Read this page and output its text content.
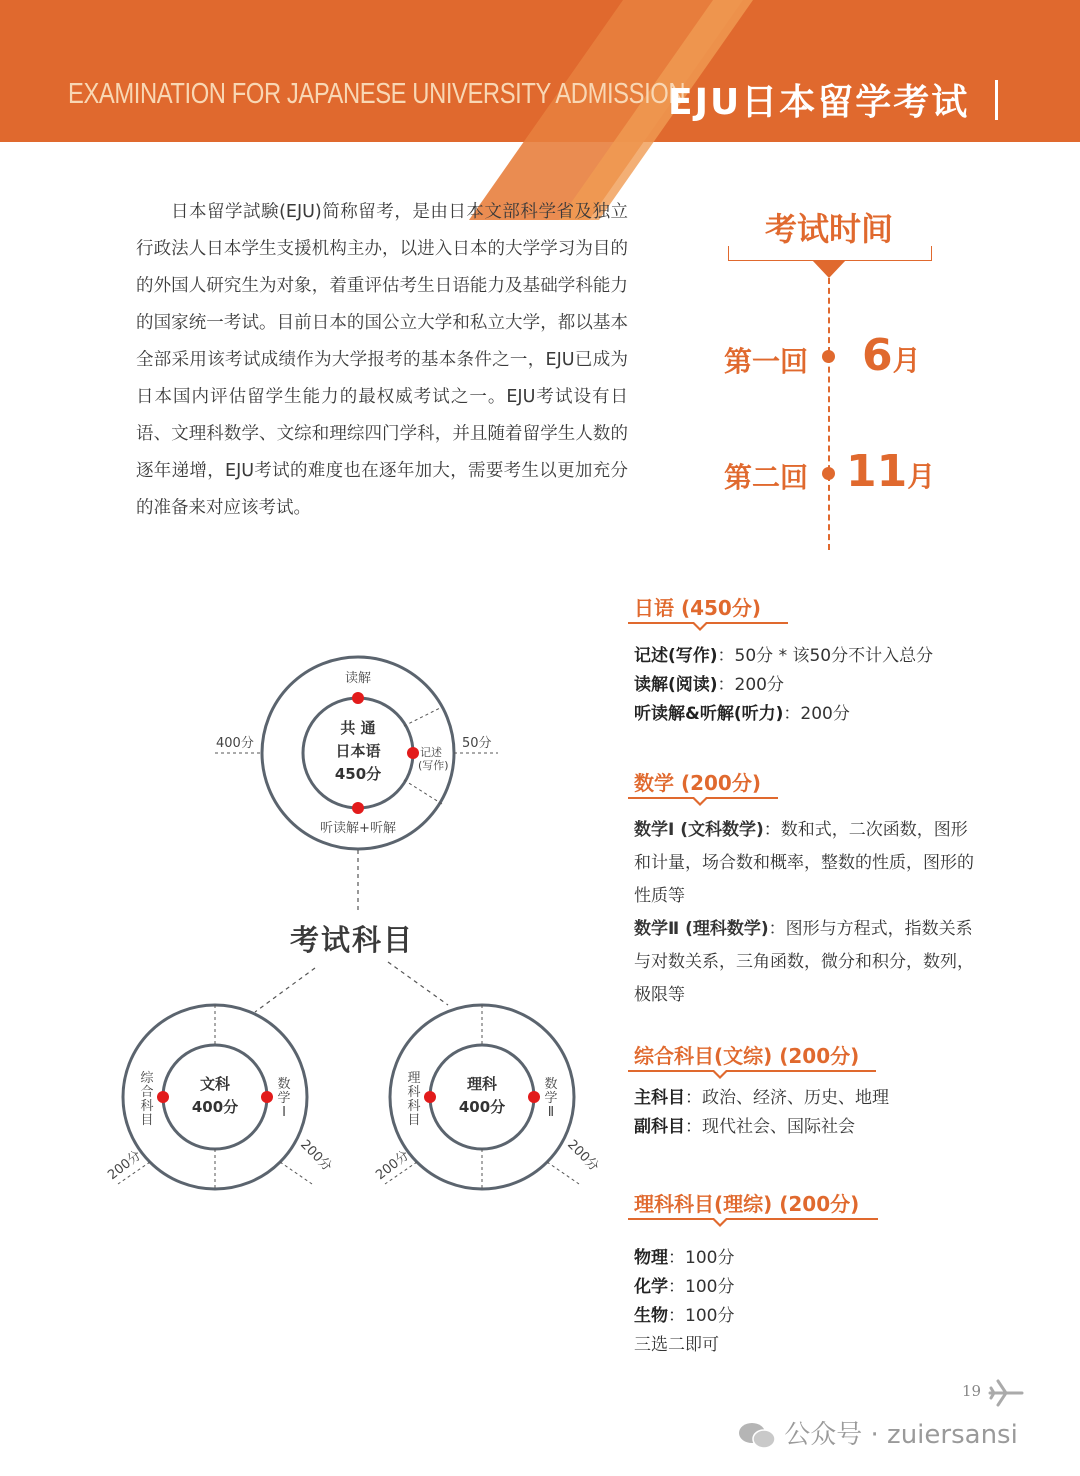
EXAMINATION FOR JAPANESE UNIVERSITY ADMISSION
EJU日本留学考试
日本留学試験(EJU)简称留考，是由日本文部科学省及独立行政法人日本学生支援机构主办，以进入日本的大学学习为目的的外国人研究生为对象，着重评估考生日语能力及基础学科能力的国家统一考试。目前日本的国公立大学和私立大学，都以基本全部采用该考试成绩作为大学报考的基本条件之一，EJU已成为日本国内评估留学生能力的最权威考试之一。EJU考试设有日语、文理科数学、文综和理综四门学科，并且随着留学生人数的逐年递增，EJU考试的难度也在逐年加大，需要考生以更加充分的准备来对应该考试。
考试时间
第一回 6月
第二回 11月
读解
听读解+听解
记述
(写作)
共 通
日本语
450分
400分	50分
文科
400分
综
合
科
目
数
学
Ⅰ
200分	200分
理科
400分
理
科
科
目
数
学
Ⅱ
200分	200分
考试科目
日语 (450分)
记述(写作)：50分 * 该50分不计入总分
读解(阅读)：200分
听读解&听解(听力)：200分
数学 (200分)
数学Ⅰ (文科数学)：数和式，二次函数，图形和计量，场合数和概率，整数的性质，图形的性质等
数学Ⅱ (理科数学)：图形与方程式，指数关系与对数关系，三角函数，微分和积分，数列，极限等
综合科目(文综) (200分)
主科目：政治、经济、历史、地理
副科目：现代社会、国际社会
理科科目(理综) (200分)
物理：100分
化学：100分
生物：100分
三选二即可
19
公众号 · zuiersansi
